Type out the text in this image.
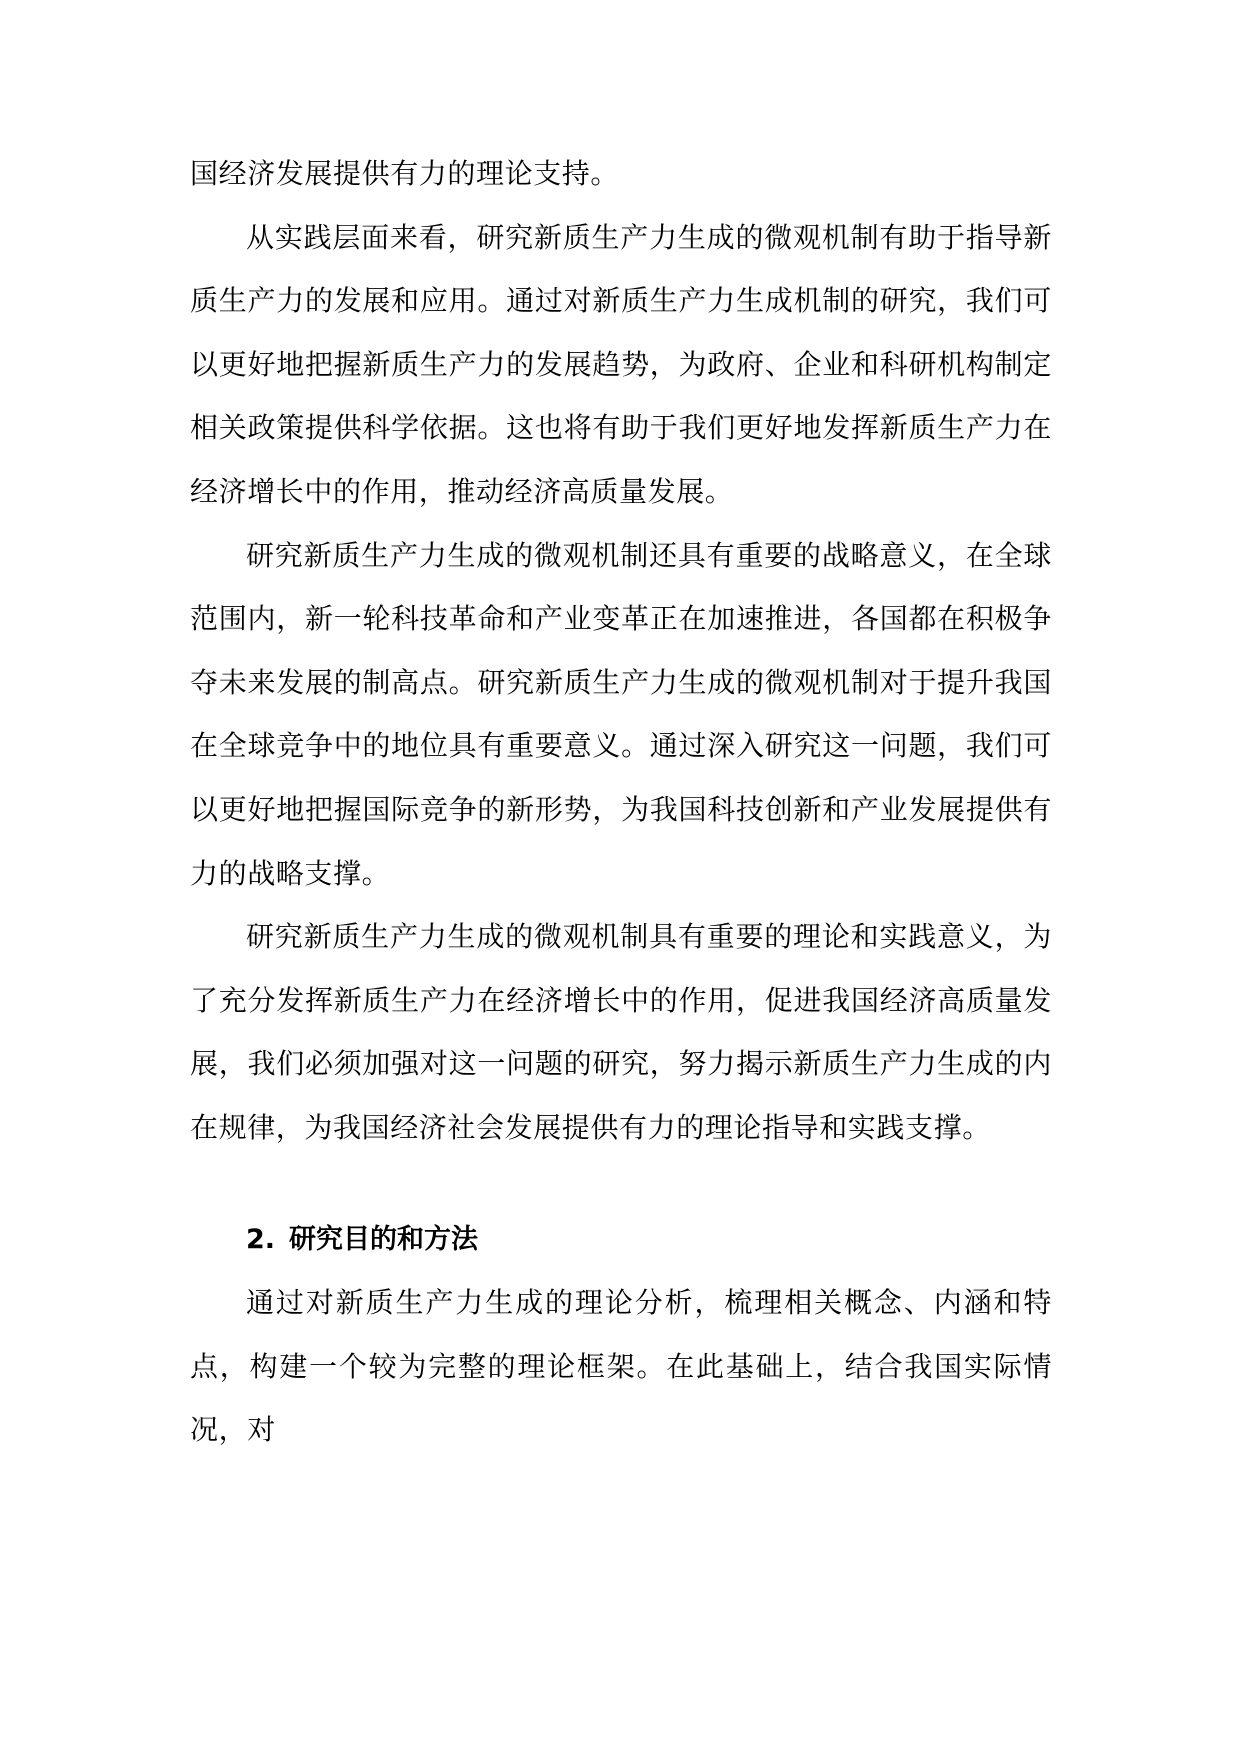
国经济发展提供有力的理论支持。

从实践层面来看，研究新质生产力生成的微观机制有助于指导新质生产力的发展和应用。通过对新质生产力生成机制的研究，我们可以更好地把握新质生产力的发展趋势，为政府、企业和科研机构制定相关政策提供科学依据。这也将有助于我们更好地发挥新质生产力在经济增长中的作用，推动经济高质量发展。

研究新质生产力生成的微观机制还具有重要的战略意义，在全球范围内，新一轮科技革命和产业变革正在加速推进，各国都在积极争夺未来发展的制高点。研究新质生产力生成的微观机制对于提升我国在全球竞争中的地位具有重要意义。通过深入研究这一问题，我们可以更好地把握国际竞争的新形势，为我国科技创新和产业发展提供有力的战略支撑。

研究新质生产力生成的微观机制具有重要的理论和实践意义，为了充分发挥新质生产力在经济增长中的作用，促进我国经济高质量发展，我们必须加强对这一问题的研究，努力揭示新质生产力生成的内在规律，为我国经济社会发展提供有力的理论指导和实践支撑。

2. 研究目的和方法

通过对新质生产力生成的理论分析，梳理相关概念、内涵和特点，构建一个较为完整的理论框架。在此基础上，结合我国实际情况，对
